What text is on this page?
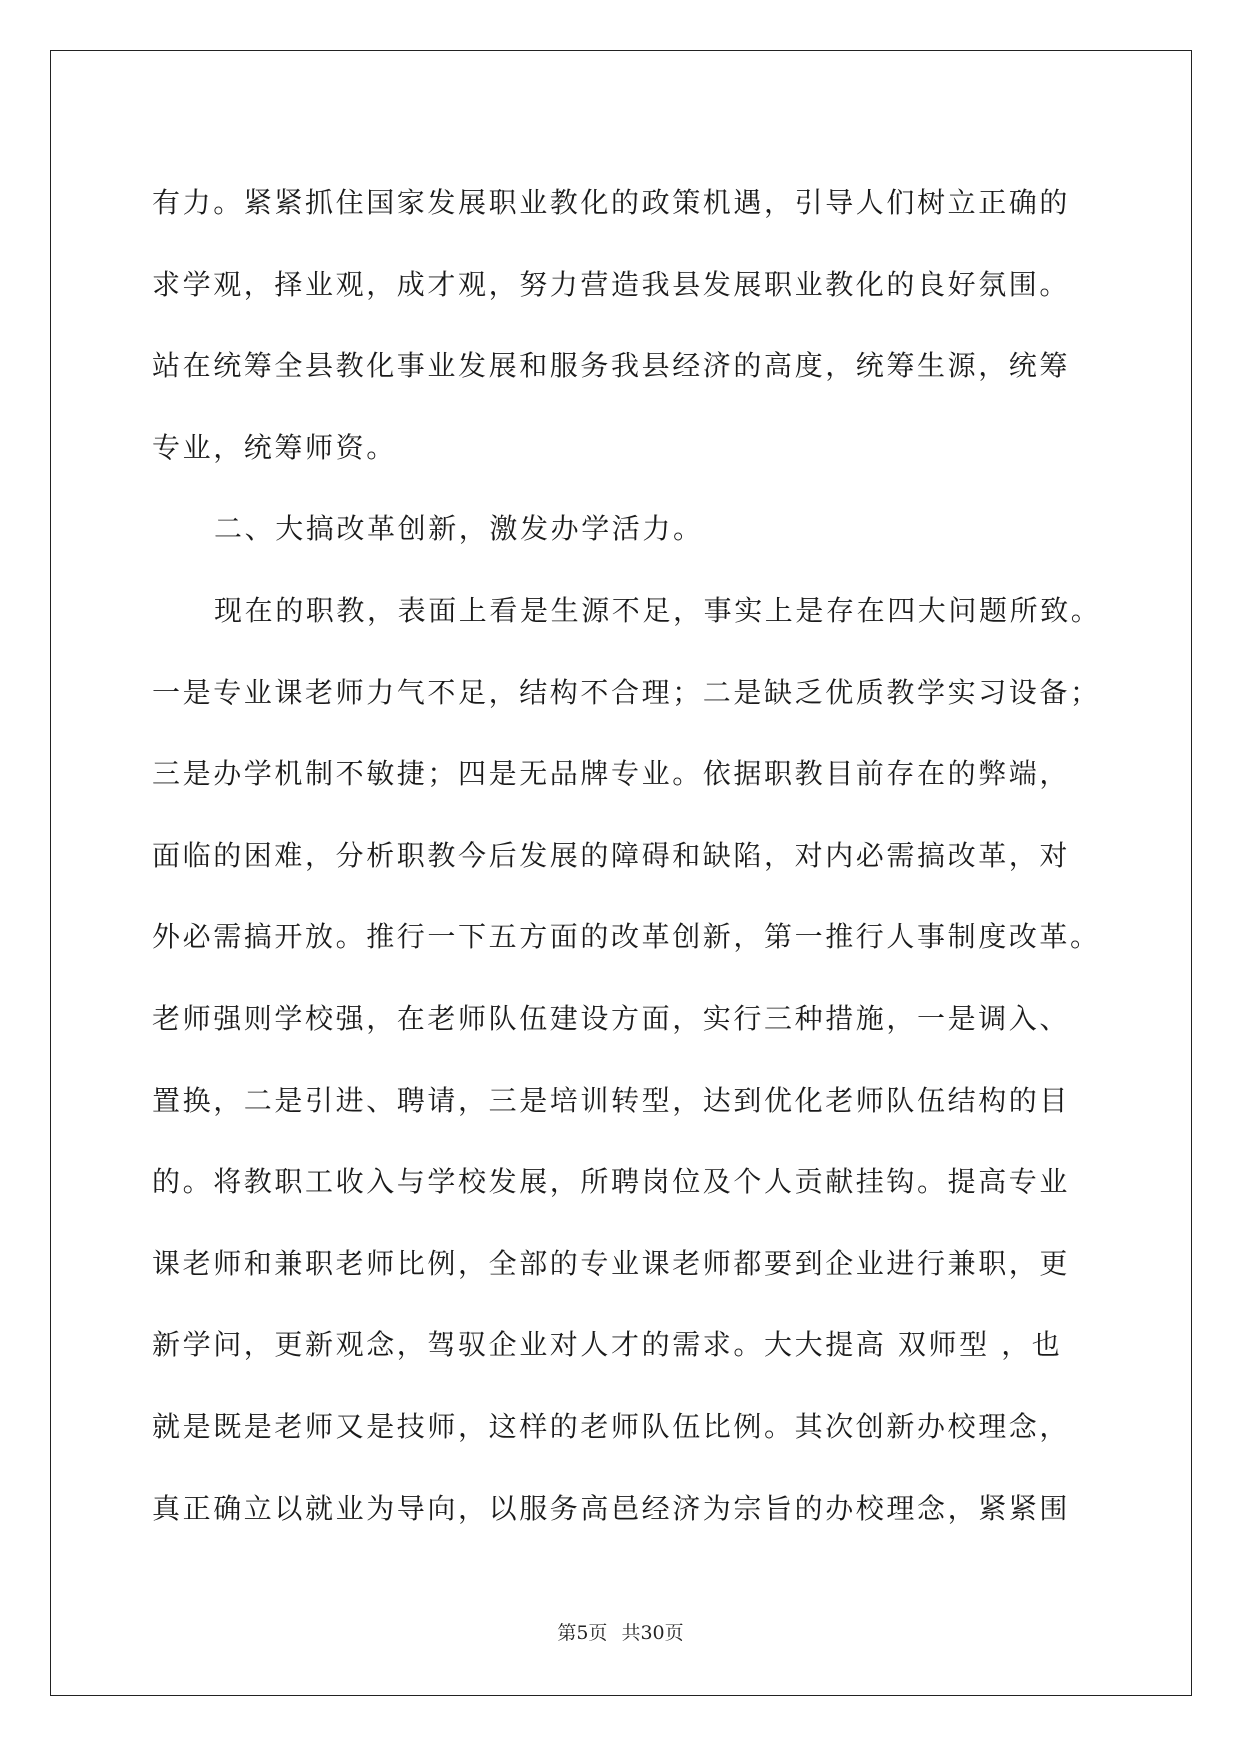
有力。紧紧抓住国家发展职业教化的政策机遇，引导人们树立正确的
求学观，择业观，成才观，努力营造我县发展职业教化的良好氛围。
站在统筹全县教化事业发展和服务我县经济的高度，统筹生源，统筹
专业，统筹师资。
二、大搞改革创新，激发办学活力。
现在的职教，表面上看是生源不足，事实上是存在四大问题所致。
一是专业课老师力气不足，结构不合理；二是缺乏优质教学实习设备；
三是办学机制不敏捷；四是无品牌专业。依据职教目前存在的弊端，
面临的困难，分析职教今后发展的障碍和缺陷，对内必需搞改革，对
外必需搞开放。推行一下五方面的改革创新，第一推行人事制度改革。
老师强则学校强，在老师队伍建设方面，实行三种措施，一是调入、
置换，二是引进、聘请，三是培训转型，达到优化老师队伍结构的目
的。将教职工收入与学校发展，所聘岗位及个人贡献挂钩。提高专业
课老师和兼职老师比例，全部的专业课老师都要到企业进行兼职，更
新学问，更新观念，驾驭企业对人才的需求。大大提高 双师型 ，也
就是既是老师又是技师，这样的老师队伍比例。其次创新办校理念，
真正确立以就业为导向，以服务高邑经济为宗旨的办校理念，紧紧围
第5页 共30页
